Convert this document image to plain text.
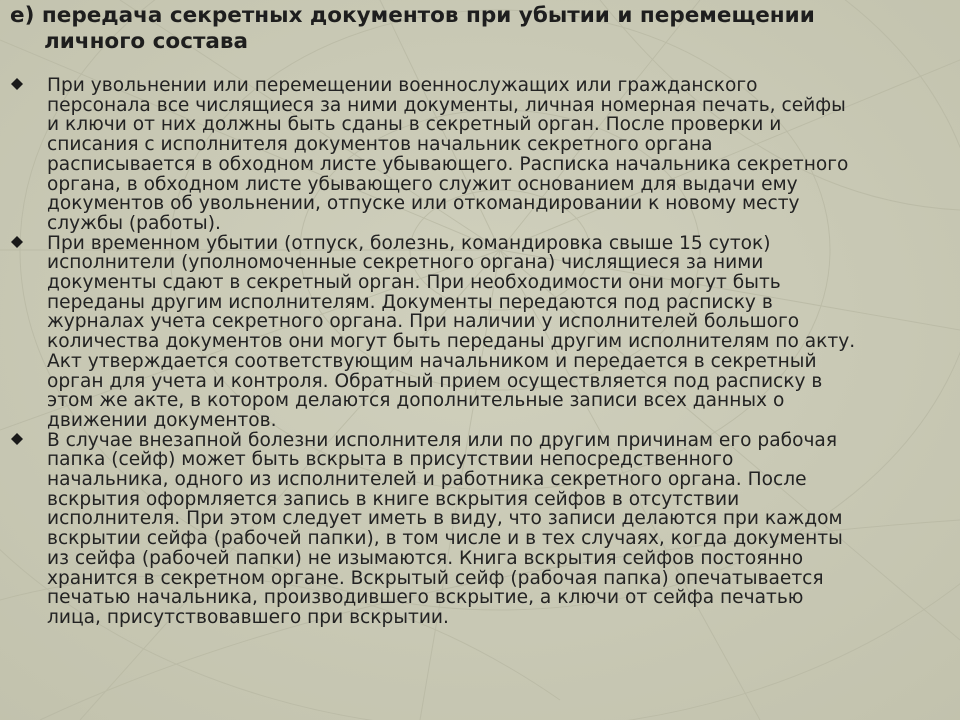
е) передача секретных документов при убытии и перемещении
личного состава
При увольнении или перемещении военнослужащих или гражданского
персонала все числящиеся за ними документы, личная номерная печать, сейфы
и ключи от них должны быть сданы в секретный орган. После проверки и
списания с исполнителя документов начальник секретного органа
расписывается в обходном листе убывающего. Расписка начальника секретного
органа, в обходном листе убывающего служит основанием для выдачи ему
документов об увольнении, отпуске или откомандировании к новому месту
службы (работы).
При временном убытии (отпуск, болезнь, командировка свыше 15 суток)
исполнители (уполномоченные секретного органа) числящиеся за ними
документы сдают в секретный орган. При необходимости они могут быть
переданы другим исполнителям. Документы передаются под расписку в
журналах учета секретного органа. При наличии у исполнителей большого
количества документов они могут быть переданы другим исполнителям по акту.
Акт утверждается соответствующим начальником и передается в секретный
орган для учета и контроля. Обратный прием осуществляется под расписку в
этом же акте, в котором делаются дополнительные записи всех данных о
движении документов.
В случае внезапной болезни исполнителя или по другим причинам его рабочая
папка (сейф) может быть вскрыта в присутствии непосредственного
начальника, одного из исполнителей и работника секретного органа. После
вскрытия оформляется запись в книге вскрытия сейфов в отсутствии
исполнителя. При этом следует иметь в виду, что записи делаются при каждом
вскрытии сейфа (рабочей папки), в том числе и в тех случаях, когда документы
из сейфа (рабочей папки) не изымаются. Книга вскрытия сейфов постоянно
хранится в секретном органе. Вскрытый сейф (рабочая папка) опечатывается
печатью начальника, производившего вскрытие, а ключи от сейфа печатью
лица, присутствовавшего при вскрытии.
